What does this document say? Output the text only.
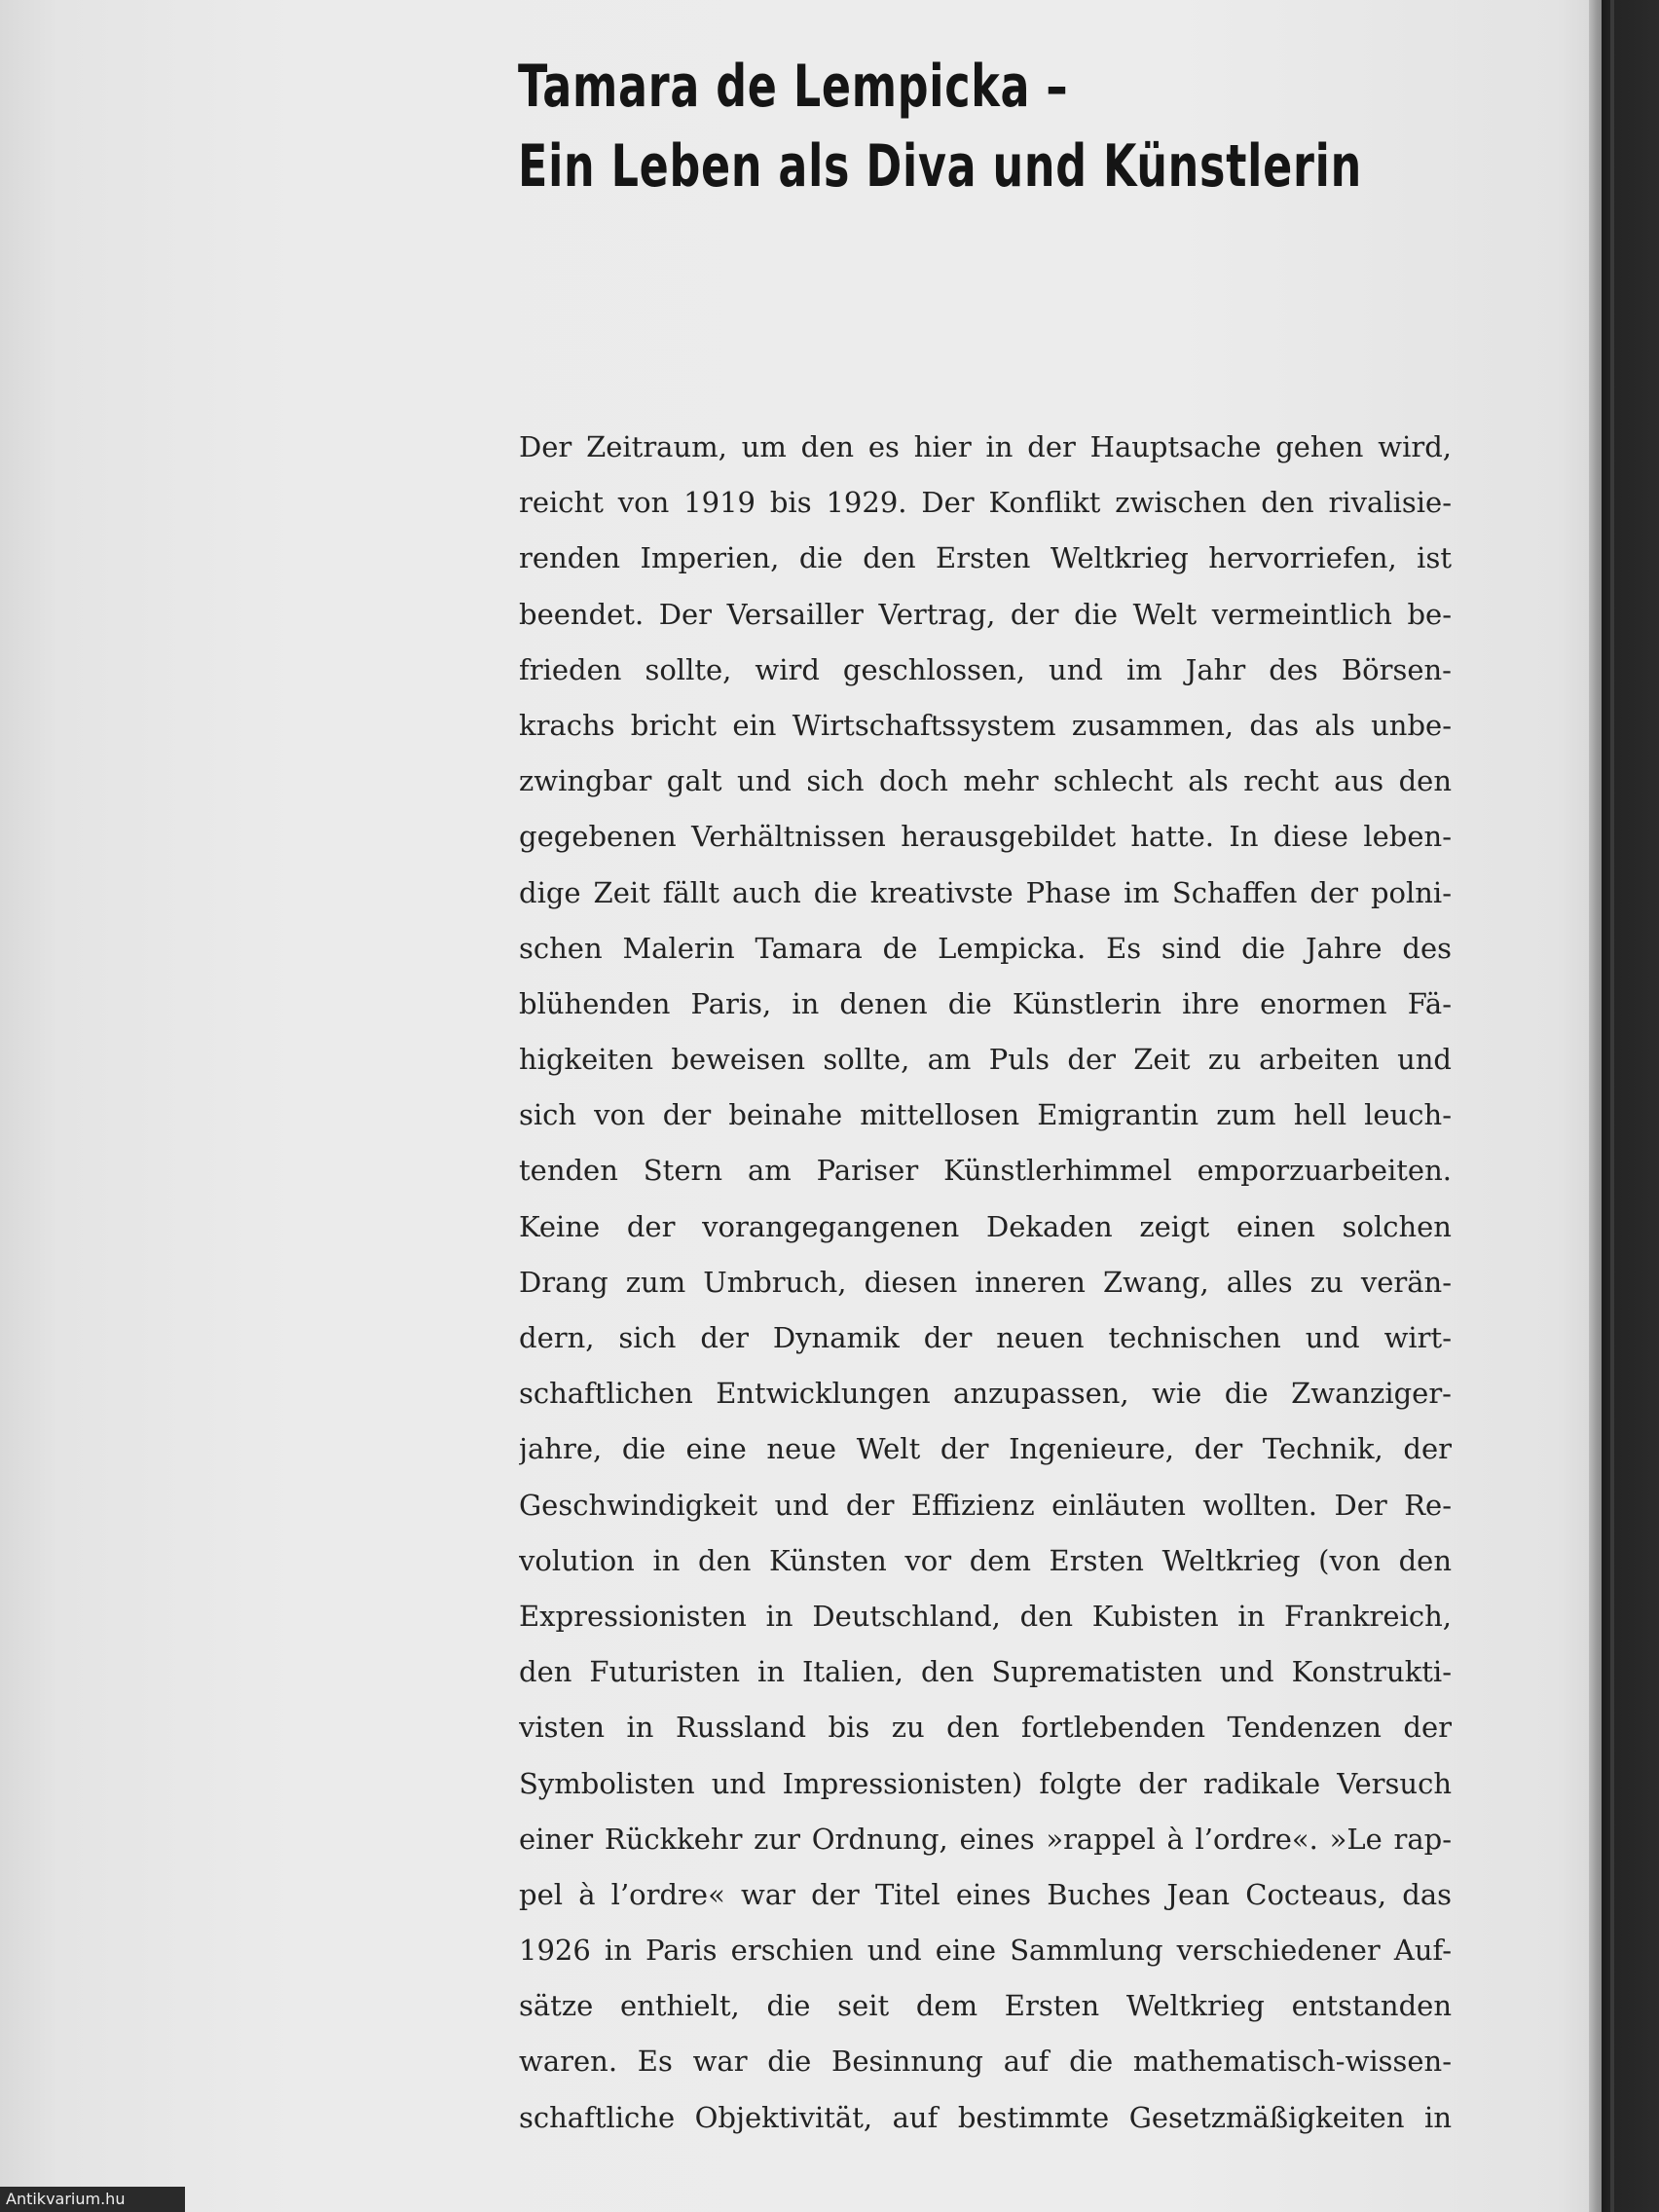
Tamara de Lempicka –
Ein Leben als Diva und Künstlerin
Der Zeitraum, um den es hier in der Hauptsache gehen wird,
reicht von 1919 bis 1929. Der Konflikt zwischen den rivalisie-
renden Imperien, die den Ersten Weltkrieg hervorriefen, ist
beendet. Der Versailler Vertrag, der die Welt vermeintlich be-
frieden sollte, wird geschlossen, und im Jahr des Börsen-
krachs bricht ein Wirtschaftssystem zusammen, das als unbe-
zwingbar galt und sich doch mehr schlecht als recht aus den
gegebenen Verhältnissen herausgebildet hatte. In diese leben-
dige Zeit fällt auch die kreativste Phase im Schaffen der polni-
schen Malerin Tamara de Lempicka. Es sind die Jahre des
blühenden Paris, in denen die Künstlerin ihre enormen Fä-
higkeiten beweisen sollte, am Puls der Zeit zu arbeiten und
sich von der beinahe mittellosen Emigrantin zum hell leuch-
tenden Stern am Pariser Künstlerhimmel emporzuarbeiten.
Keine der vorangegangenen Dekaden zeigt einen solchen
Drang zum Umbruch, diesen inneren Zwang, alles zu verän-
dern, sich der Dynamik der neuen technischen und wirt-
schaftlichen Entwicklungen anzupassen, wie die Zwanziger-
jahre, die eine neue Welt der Ingenieure, der Technik, der
Geschwindigkeit und der Effizienz einläuten wollten. Der Re-
volution in den Künsten vor dem Ersten Weltkrieg (von den
Expressionisten in Deutschland, den Kubisten in Frankreich,
den Futuristen in Italien, den Suprematisten und Konstrukti-
visten in Russland bis zu den fortlebenden Tendenzen der
Symbolisten und Impressionisten) folgte der radikale Versuch
einer Rückkehr zur Ordnung, eines »rappel à l’ordre«. »Le rap-
pel à l’ordre« war der Titel eines Buches Jean Cocteaus, das
1926 in Paris erschien und eine Sammlung verschiedener Auf-
sätze enthielt, die seit dem Ersten Weltkrieg entstanden
waren. Es war die Besinnung auf die mathematisch-wissen-
schaftliche Objektivität, auf bestimmte Gesetzmäßigkeiten in
Antikvarium.hu
